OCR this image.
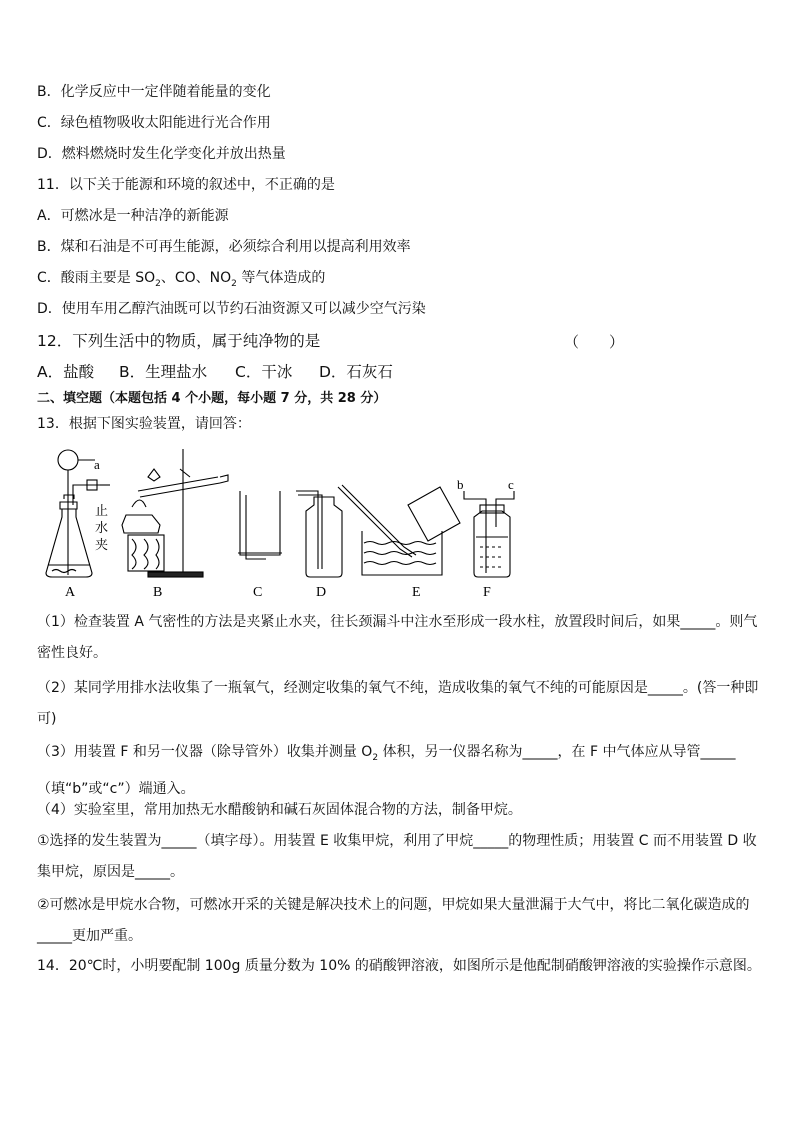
B．化学反应中一定伴随着能量的变化
C．绿色植物吸收太阳能进行光合作用
D．燃料燃烧时发生化学变化并放出热量
11．以下关于能源和环境的叙述中，不正确的是
A．可燃冰是一种洁净的新能源
B．煤和石油是不可再生能源，必须综合利用以提高利用效率
C．酸雨主要是 $SO_2$、CO、$NO_2$ 等气体造成的
D．使用车用乙醇汽油既可以节约石油资源又可以减少空气污染
12．下列生活中的物质，属于纯净物的是	（　　）
A．盐酸 B．生理盐水 C．干冰 D．石灰石
二、填空题（本题包括 4 个小题，每小题 7 分，共 28 分）
13．根据下图实验装置，请回答：
a
止
水
夹
b	c
A	B	C	D	E	F
（1）检查装置 A 气密性的方法是夹紧止水夹，往长颈漏斗中注水至形成一段水柱，放置段时间后，如果_____。则气密性良好。
（2）某同学用排水法收集了一瓶氧气，经测定收集的氧气不纯，造成收集的氧气不纯的可能原因是_____。(答一种即可)
（3）用装置 F 和另一仪器（除导管外）收集并测量 $O_2$ 体积，另一仪器名称为_____，在 F 中气体应从导管_____（填“b”或“c”）端通入。
（4）实验室里，常用加热无水醋酸钠和碱石灰固体混合物的方法，制备甲烷。
①选择的发生装置为_____（填字母）。用装置 E 收集甲烷，利用了甲烷_____的物理性质；用装置 C 而不用装置 D 收集甲烷，原因是_____。
②可燃冰是甲烷水合物，可燃冰开采的关键是解决技术上的问题，甲烷如果大量泄漏于大气中，将比二氧化碳造成的_____更加严重。
14．20℃时，小明要配制 100g 质量分数为 10% 的硝酸钾溶液，如图所示是他配制硝酸钾溶液的实验操作示意图。
